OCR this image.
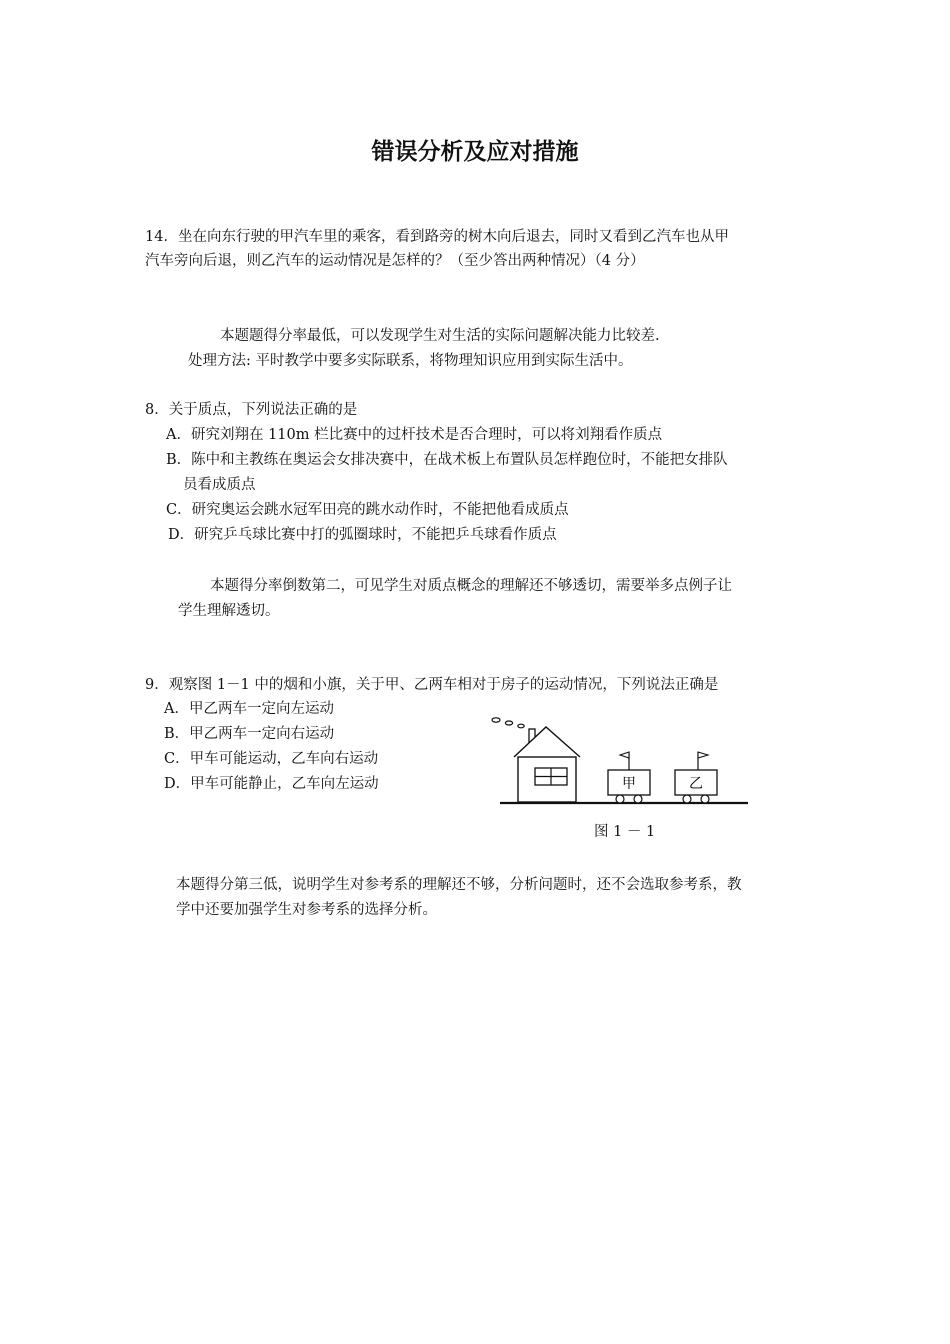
错误分析及应对措施
14．坐在向东行驶的甲汽车里的乘客，看到路旁的树木向后退去，同时又看到乙汽车也从甲
汽车旁向后退，则乙汽车的运动情况是怎样的？（至少答出两种情况）（4 分）
本题题得分率最低，可以发现学生对生活的实际问题解决能力比较差.
处理方法: 平时教学中要多实际联系，将物理知识应用到实际生活中。
8．关于质点，下列说法正确的是
A．研究刘翔在 110m 栏比赛中的过杆技术是否合理时，可以将刘翔看作质点
B．陈中和主教练在奥运会女排决赛中，在战术板上布置队员怎样跑位时，不能把女排队
员看成质点
C．研究奥运会跳水冠军田亮的跳水动作时，不能把他看成质点
D．研究乒乓球比赛中打的弧圈球时，不能把乒乓球看作质点
本题得分率倒数第二，可见学生对质点概念的理解还不够透切，需要举多点例子让
学生理解透切。
9．观察图 1－1 中的烟和小旗，关于甲、乙两车相对于房子的运动情况，下列说法正确是
A．甲乙两车一定向左运动
B．甲乙两车一定向右运动
C．甲车可能运动，乙车向右运动
D．甲车可能静止，乙车向左运动	甲	乙
图 1 － 1
本题得分第三低，说明学生对参考系的理解还不够，分析问题时，还不会选取参考系，教
学中还要加强学生对参考系的选择分析。
